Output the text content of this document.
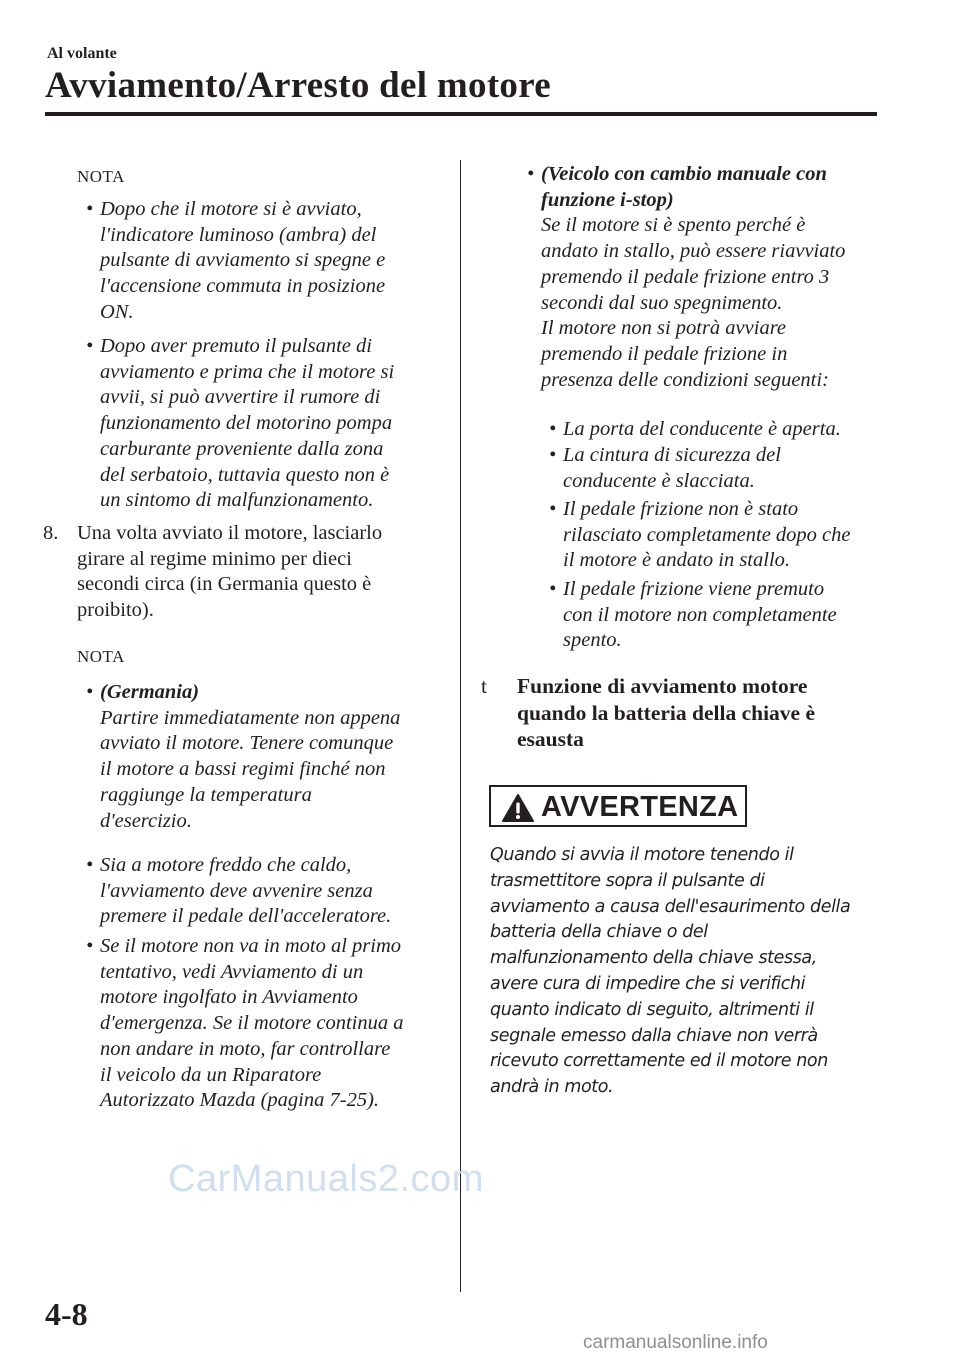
Al volante
Avviamento/Arresto del motore
NOTA
• Dopo che il motore si è avviato,
l'indicatore luminoso (ambra) del
pulsante di avviamento si spegne e
l'accensione commuta in posizione
ON.
• Dopo aver premuto il pulsante di
avviamento e prima che il motore si
avvii, si può avvertire il rumore di
funzionamento del motorino pompa
carburante proveniente dalla zona
del serbatoio, tuttavia questo non è
un sintomo di malfunzionamento.
8. Una volta avviato il motore, lasciarlo
girare al regime minimo per dieci
secondi circa (in Germania questo è
proibito).
NOTA
• (Germania)
Partire immediatamente non appena
avviato il motore. Tenere comunque
il motore a bassi regimi finché non
raggiunge la temperatura
d'esercizio.
• Sia a motore freddo che caldo,
l'avviamento deve avvenire senza
premere il pedale dell'acceleratore.
• Se il motore non va in moto al primo
tentativo, vedi Avviamento di un
motore ingolfato in Avviamento
d'emergenza. Se il motore continua a
non andare in moto, far controllare
il veicolo da un Riparatore
Autorizzato Mazda (pagina 7-25).
• (Veicolo con cambio manuale con
funzione i-stop)
Se il motore si è spento perché è
andato in stallo, può essere riavviato
premendo il pedale frizione entro 3
secondi dal suo spegnimento.
Il motore non si potrà avviare
premendo il pedale frizione in
presenza delle condizioni seguenti:
• La porta del conducente è aperta.
• La cintura di sicurezza del
conducente è slacciata.
• Il pedale frizione non è stato
rilasciato completamente dopo che
il motore è andato in stallo.
• Il pedale frizione viene premuto
con il motore non completamente
spento.
t Funzione di avviamento motore
quando la batteria della chiave è
esausta
AVVERTENZA
Quando si avvia il motore tenendo il
trasmettitore sopra il pulsante di
avviamento a causa dell'esaurimento della
batteria della chiave o del
malfunzionamento della chiave stessa,
avere cura di impedire che si verifichi
quanto indicato di seguito, altrimenti il
segnale emesso dalla chiave non verrà
ricevuto correttamente ed il motore non
andrà in moto.
CarManuals2.com
4-8
carmanualsonline.info
